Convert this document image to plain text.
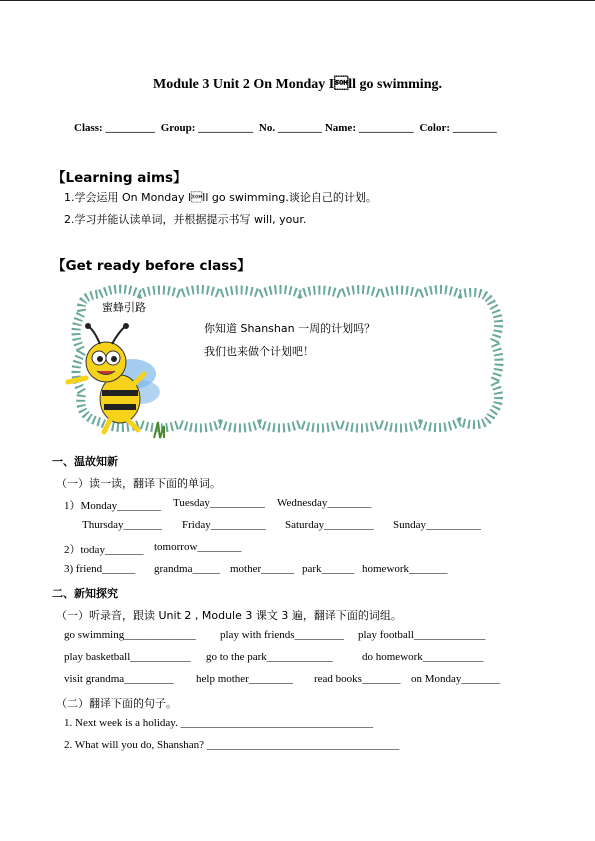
Module 3 Unit 2 On Monday Ill go swimming.
Class: _________ Group: __________ No. ________ Name: __________ Color: ________
【Learning aims】
1.学会运用 On Monday Ill go swimming.谈论自己的计划。
2.学习并能认读单词，并根据提示书写 will, your.
【Get ready before class】
蜜蜂引路
你知道 Shanshan 一周的计划吗？
我们也来做个计划吧！
一、温故知新
（一）读一读，翻译下面的单词。
1）Monday________ Tuesday__________ Wednesday________
Thursday_______ Friday__________ Saturday_________ Sunday__________
2）today_______ tomorrow________
3) friend______ grandma_____ mother______ park______ homework_______
二、新知探究
（一）听录音，跟读 Unit 2 , Module 3 课文 3 遍，翻译下面的词组。
go swimming_____________ play with friends_________ play football_____________
play basketball___________ go to the park____________	do homework___________
visit grandma_________ help mother________ read books_______ on Monday_______
（二）翻译下面的句子。
1. Next week is a holiday. ___________________________________
2. What will you do, Shanshan? ___________________________________
